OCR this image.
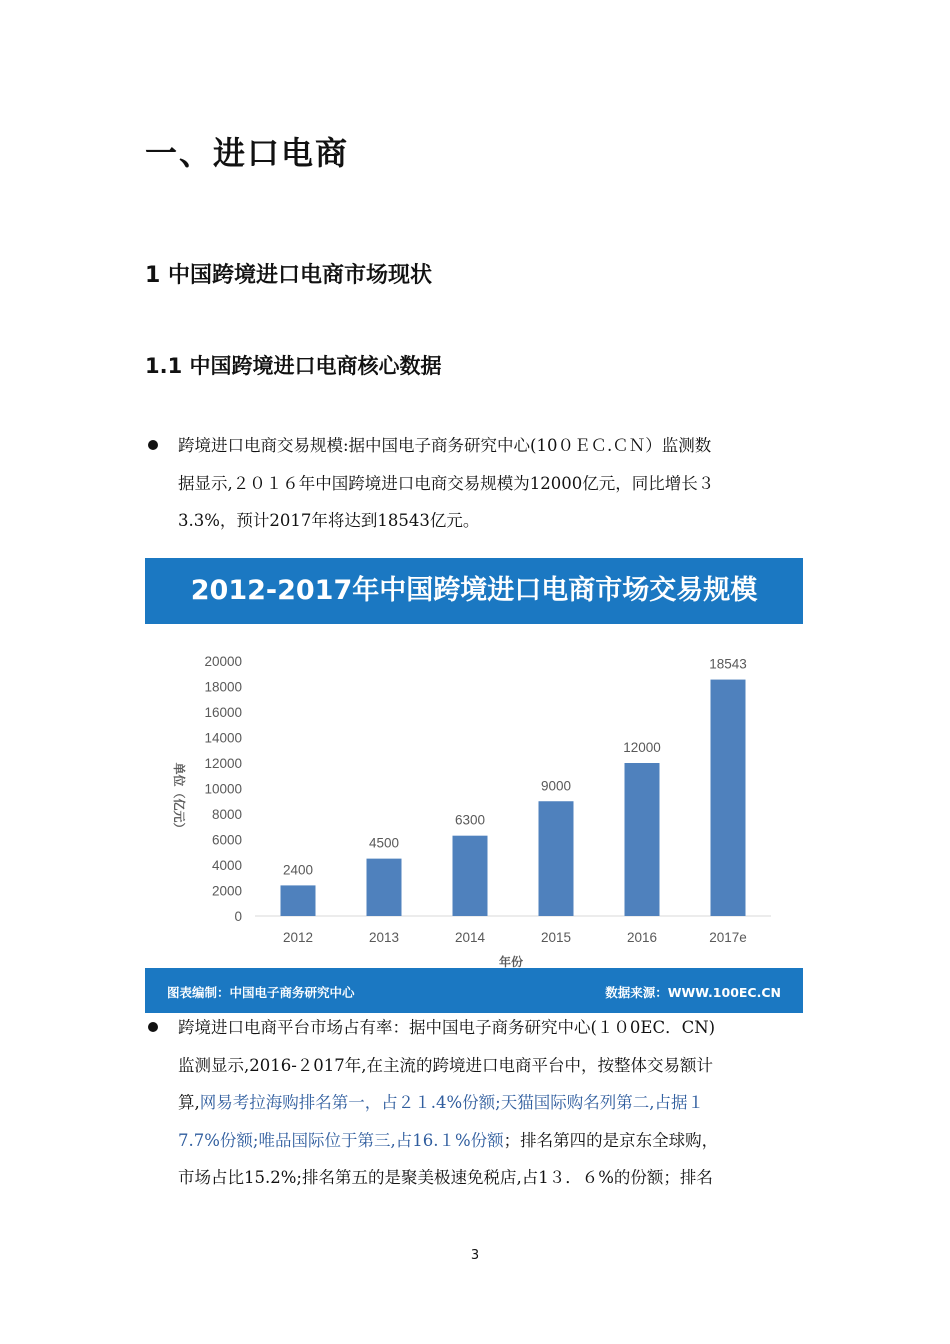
一、进口电商
1 中国跨境进口电商市场现状
1.1 中国跨境进口电商核心数据
跨境进口电商交易规模:据中国电子商务研究中心(10０ＥＣ.ＣＮ）监测数
据显示,２０１６年中国跨境进口电商交易规模为12000亿元，同比增长３
3.3%，预计2017年将达到18543亿元。
2012-2017年中国跨境进口电商市场交易规模
0
2000
4000
6000
8000
10000
12000
14000
16000
18000
20000
2400
2012
4500
2013
6300
2014
9000
2015
12000
2016
18543
2017e
年份
单位（亿元）
图表编制：中国电子商务研究中心	数据来源：WWW.100EC.CN
跨境进口电商平台市场占有率：据中国电子商务研究中心(１０0EC．CN)
监测显示,2016-２017年,在主流的跨境进口电商平台中，按整体交易额计
算,网易考拉海购排名第一，占２１.4%份额;天猫国际购名列第二,占据１
7.7%份额;唯品国际位于第三,占16.１%份额；排名第四的是京东全球购，
市场占比15.2%;排名第五的是聚美极速免税店,占1３．６%的份额；排名
3
